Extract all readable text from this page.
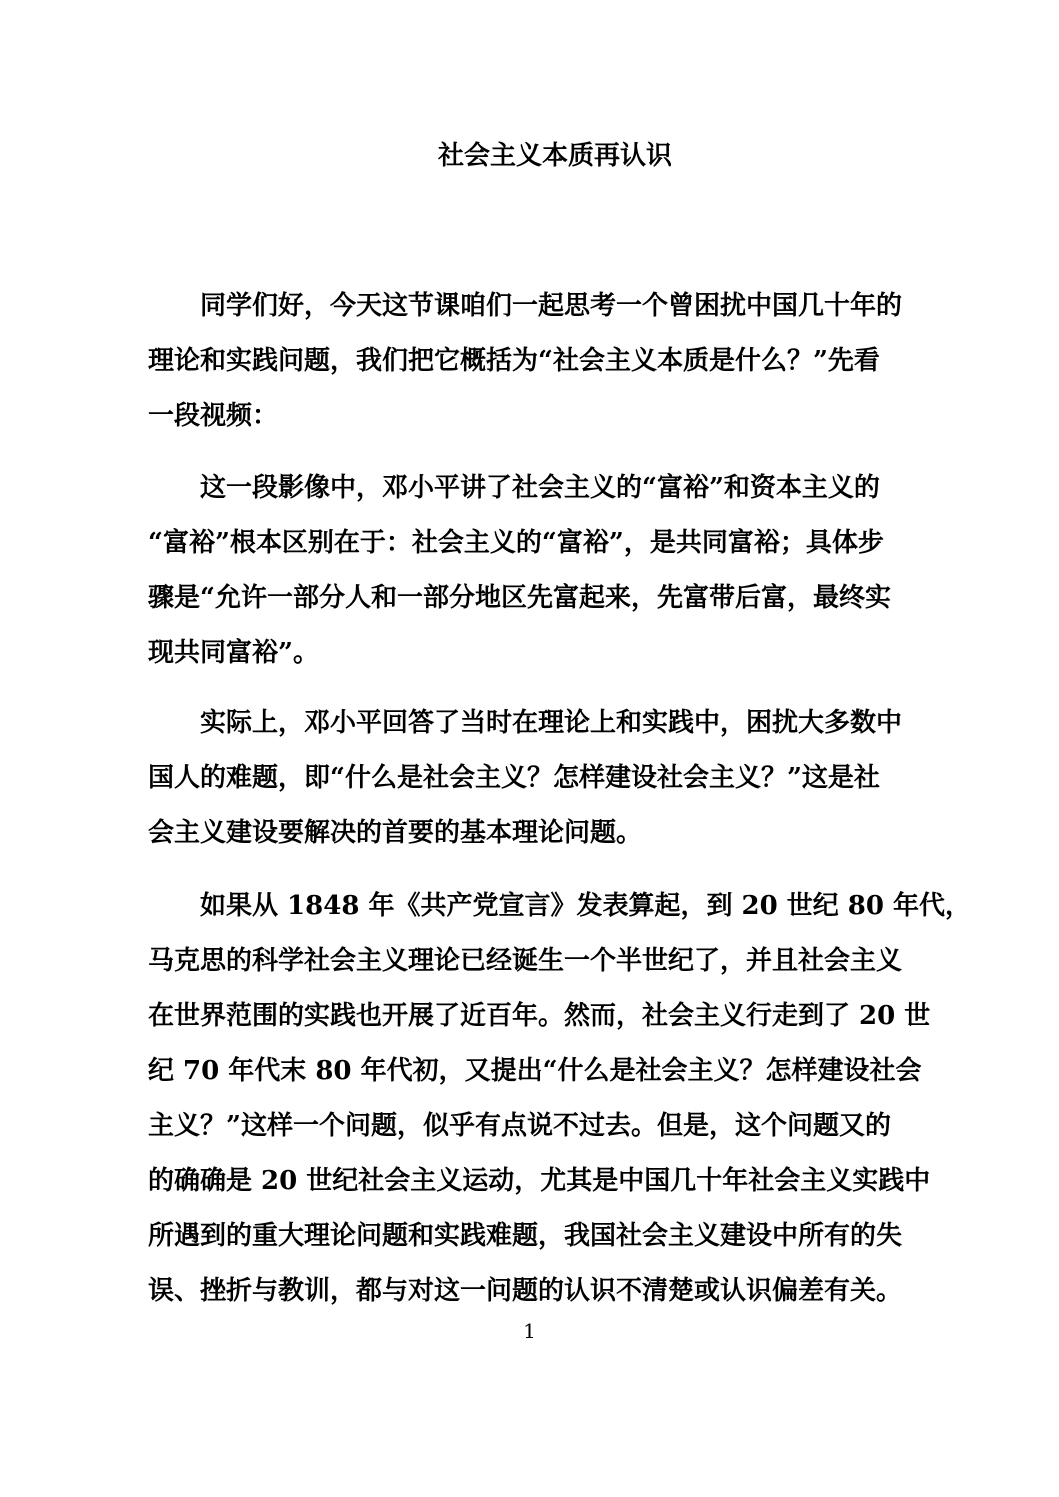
社会主义本质再认识
同学们好，今天这节课咱们一起思考一个曾困扰中国几十年的
理论和实践问题，我们把它概括为“社会主义本质是什么？”先看
一段视频：
这一段影像中，邓小平讲了社会主义的“富裕”和资本主义的
“富裕”根本区别在于：社会主义的“富裕”，是共同富裕；具体步
骤是“允许一部分人和一部分地区先富起来，先富带后富，最终实
现共同富裕”。
实际上，邓小平回答了当时在理论上和实践中，困扰大多数中
国人的难题，即“什么是社会主义？怎样建设社会主义？”这是社
会主义建设要解决的首要的基本理论问题。
如果从 1848 年《共产党宣言》发表算起，到 20 世纪 80 年代，
马克思的科学社会主义理论已经诞生一个半世纪了，并且社会主义
在世界范围的实践也开展了近百年。然而，社会主义行走到了 20 世
纪 70 年代末 80 年代初，又提出“什么是社会主义？怎样建设社会
主义？”这样一个问题，似乎有点说不过去。但是，这个问题又的
的确确是 20 世纪社会主义运动，尤其是中国几十年社会主义实践中
所遇到的重大理论问题和实践难题，我国社会主义建设中所有的失
误、挫折与教训，都与对这一问题的认识不清楚或认识偏差有关。
1
